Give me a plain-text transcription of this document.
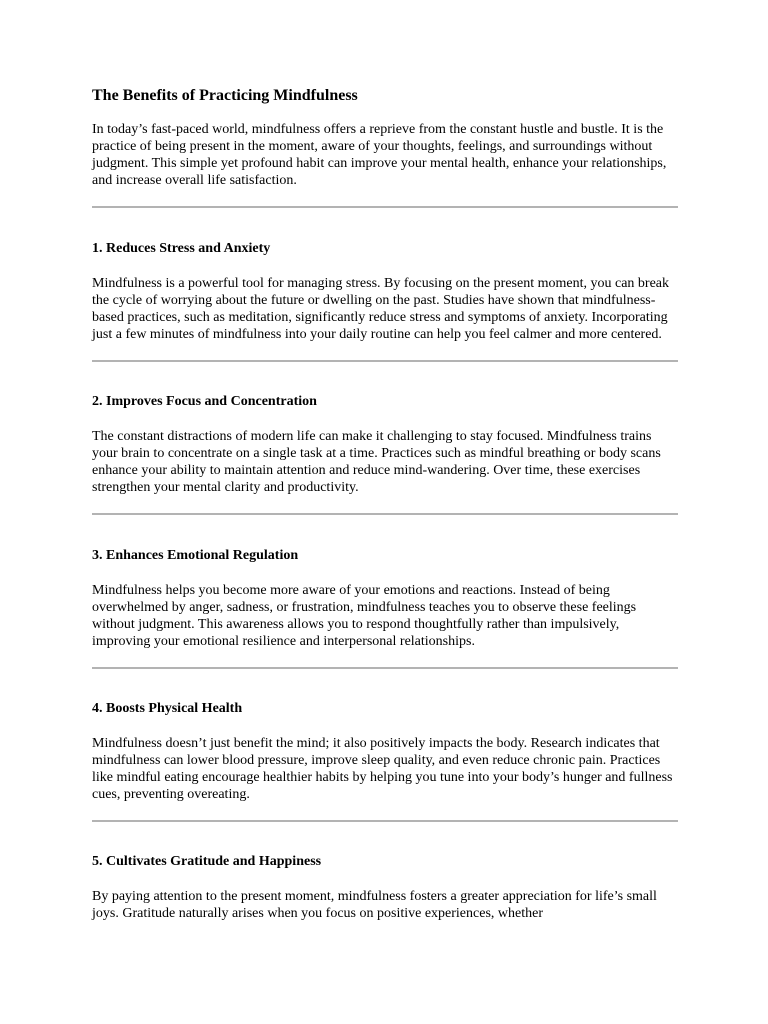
The Benefits of Practicing Mindfulness

In today’s fast-paced world, mindfulness offers a reprieve from the constant hustle and bustle. It is the practice of being present in the moment, aware of your thoughts, feelings, and surroundings without judgment. This simple yet profound habit can improve your mental health, enhance your relationships, and increase overall life satisfaction.

1. Reduces Stress and Anxiety

Mindfulness is a powerful tool for managing stress. By focusing on the present moment, you can break the cycle of worrying about the future or dwelling on the past. Studies have shown that mindfulness-based practices, such as meditation, significantly reduce stress and symptoms of anxiety. Incorporating just a few minutes of mindfulness into your daily routine can help you feel calmer and more centered.

2. Improves Focus and Concentration

The constant distractions of modern life can make it challenging to stay focused. Mindfulness trains your brain to concentrate on a single task at a time. Practices such as mindful breathing or body scans enhance your ability to maintain attention and reduce mind-wandering. Over time, these exercises strengthen your mental clarity and productivity.

3. Enhances Emotional Regulation

Mindfulness helps you become more aware of your emotions and reactions. Instead of being overwhelmed by anger, sadness, or frustration, mindfulness teaches you to observe these feelings without judgment. This awareness allows you to respond thoughtfully rather than impulsively, improving your emotional resilience and interpersonal relationships.

4. Boosts Physical Health

Mindfulness doesn’t just benefit the mind; it also positively impacts the body. Research indicates that mindfulness can lower blood pressure, improve sleep quality, and even reduce chronic pain. Practices like mindful eating encourage healthier habits by helping you tune into your body’s hunger and fullness cues, preventing overeating.

5. Cultivates Gratitude and Happiness

By paying attention to the present moment, mindfulness fosters a greater appreciation for life’s small joys. Gratitude naturally arises when you focus on positive experiences, whether
